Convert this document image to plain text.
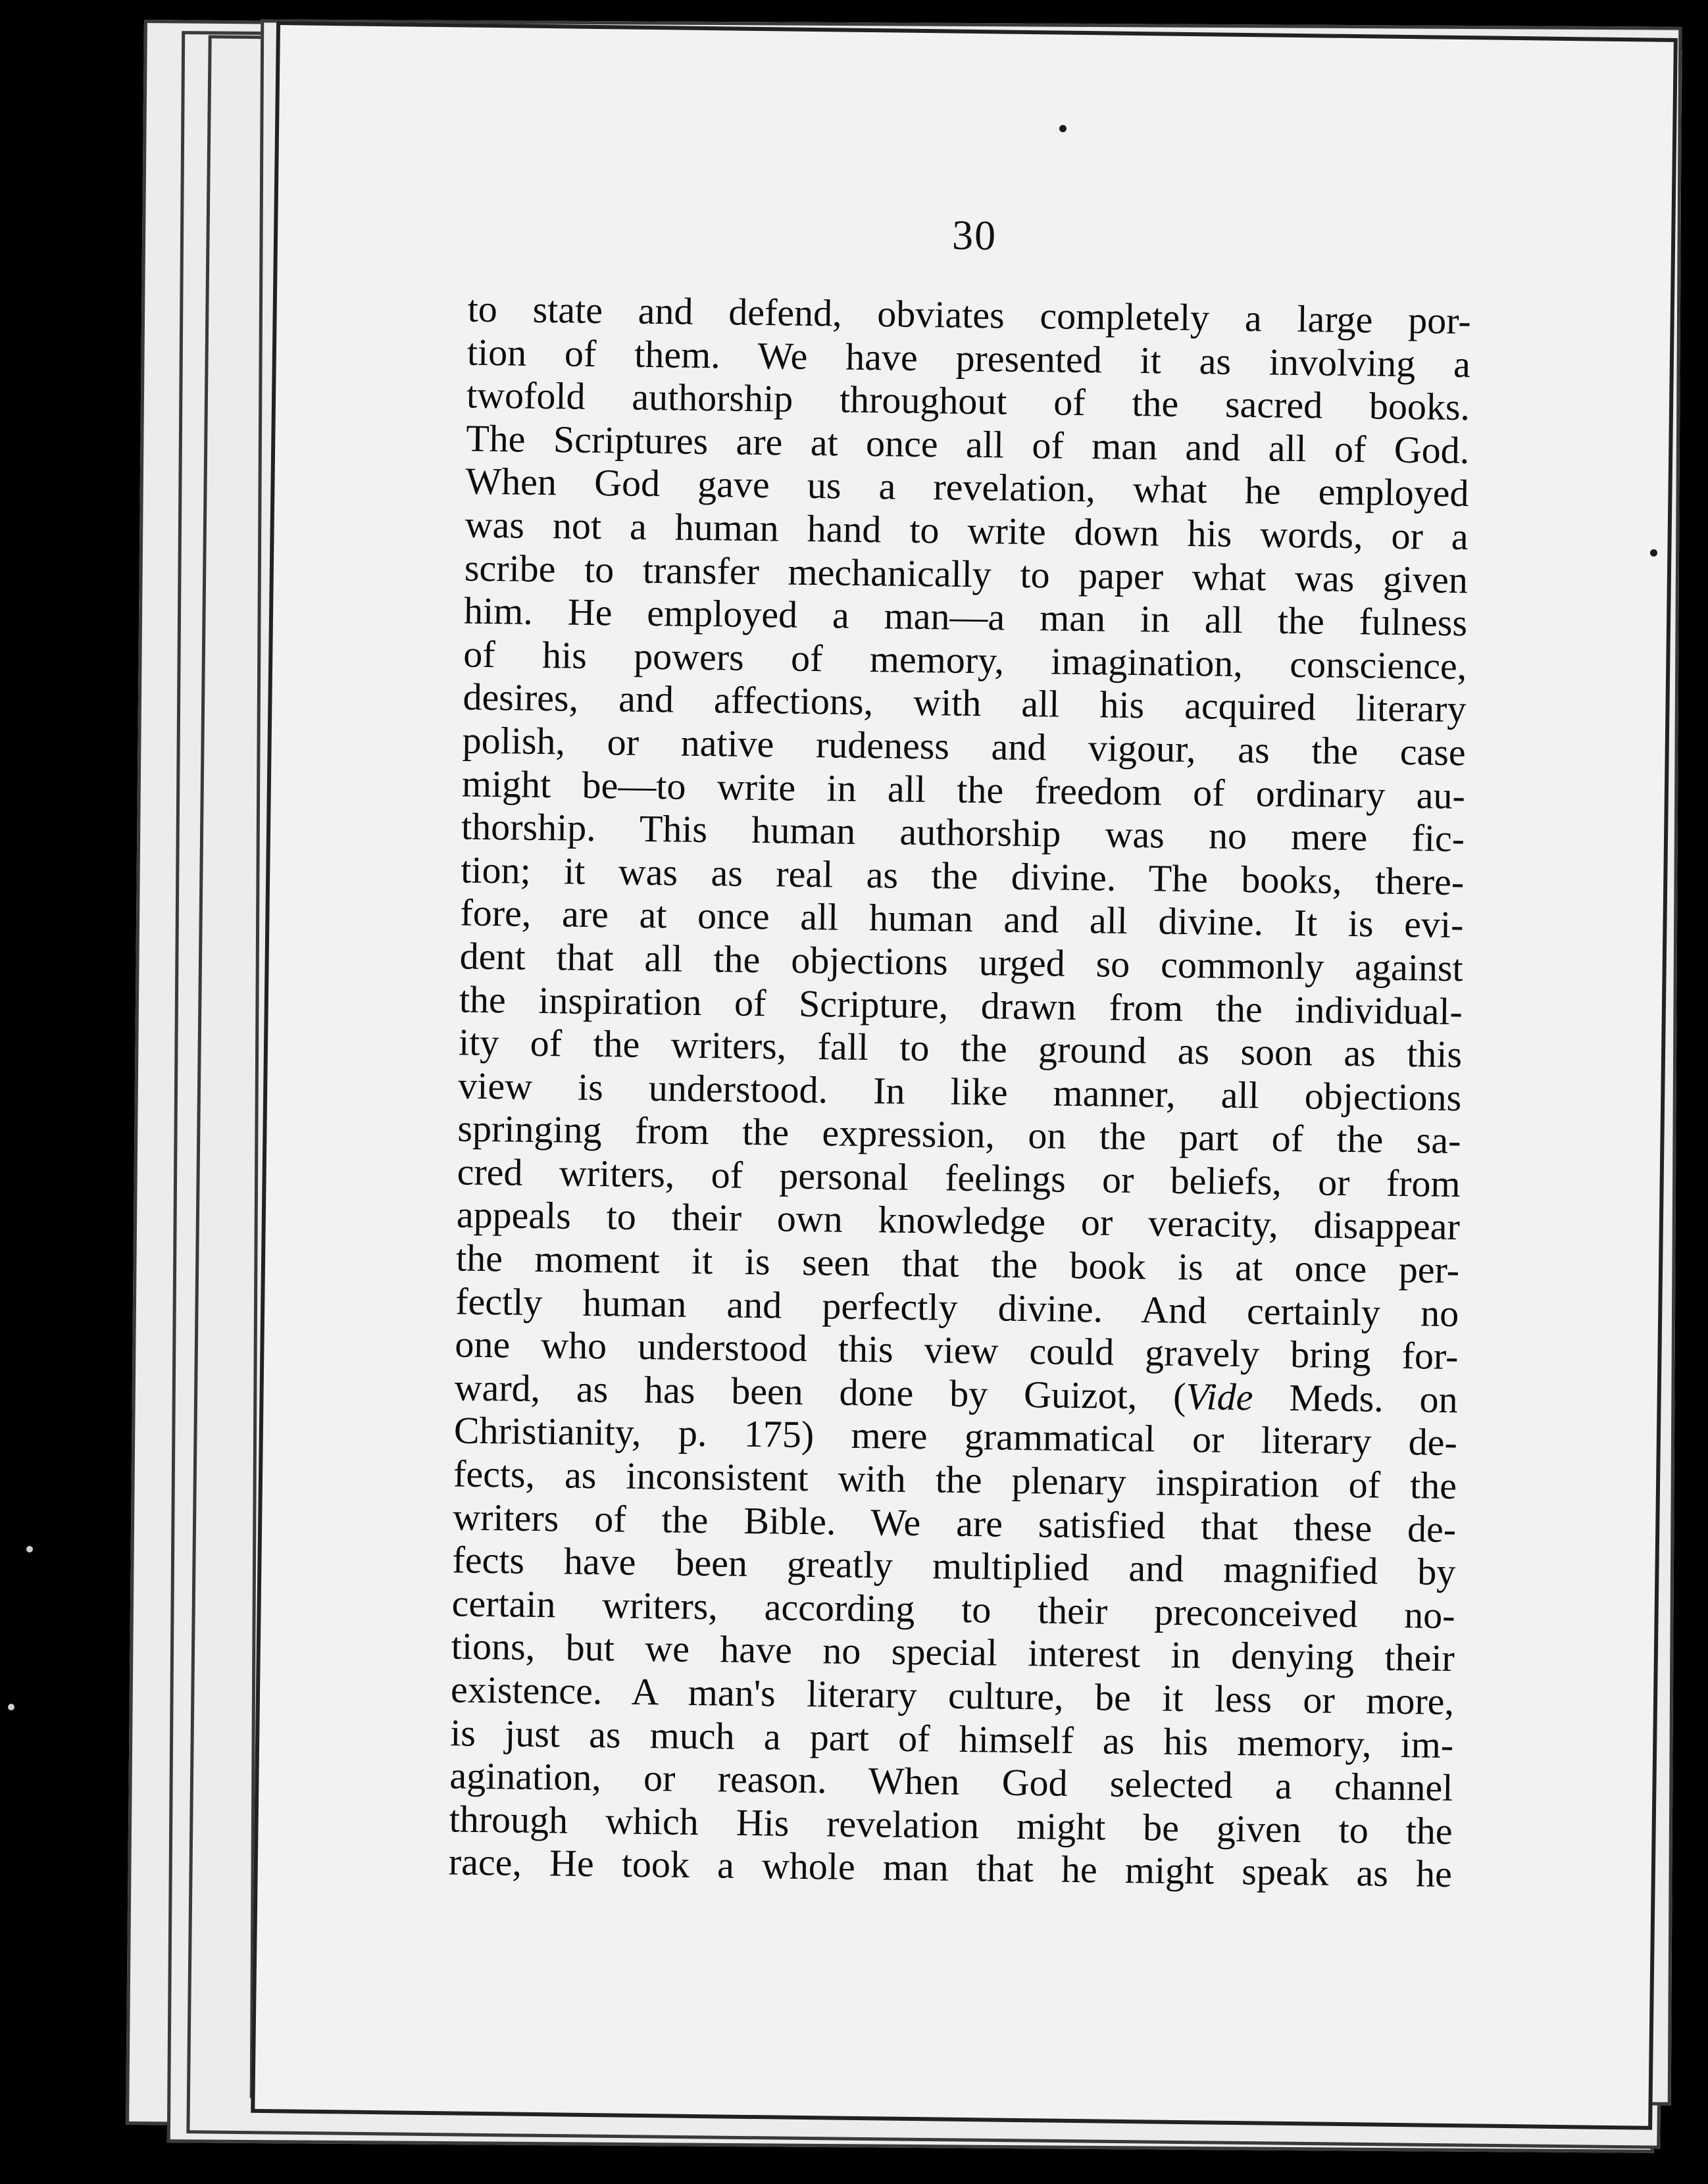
30
to state and defend, obviates completely a large por-
tion of them. We have presented it as involving a
twofold authorship throughout of the sacred books.
The Scriptures are at once all of man and all of God.
When God gave us a revelation, what he employed
was not a human hand to write down his words, or a
scribe to transfer mechanically to paper what was given
him. He employed a man—a man in all the fulness
of his powers of memory, imagination, conscience,
desires, and affections, with all his acquired literary
polish, or native rudeness and vigour, as the case
might be—to write in all the freedom of ordinary au-
thorship. This human authorship was no mere fic-
tion; it was as real as the divine. The books, there-
fore, are at once all human and all divine. It is evi-
dent that all the objections urged so commonly against
the inspiration of Scripture, drawn from the individual-
ity of the writers, fall to the ground as soon as this
view is understood. In like manner, all objections
springing from the expression, on the part of the sa-
cred writers, of personal feelings or beliefs, or from
appeals to their own knowledge or veracity, disappear
the moment it is seen that the book is at once per-
fectly human and perfectly divine. And certainly no
one who understood this view could gravely bring for-
ward, as has been done by Guizot, (Vide Meds. on
Christianity, p. 175) mere grammatical or literary de-
fects, as inconsistent with the plenary inspiration of the
writers of the Bible. We are satisfied that these de-
fects have been greatly multiplied and magnified by
certain writers, according to their preconceived no-
tions, but we have no special interest in denying their
existence. A man's literary culture, be it less or more,
is just as much a part of himself as his memory, im-
agination, or reason. When God selected a channel
through which His revelation might be given to the
race, He took a whole man that he might speak as he
